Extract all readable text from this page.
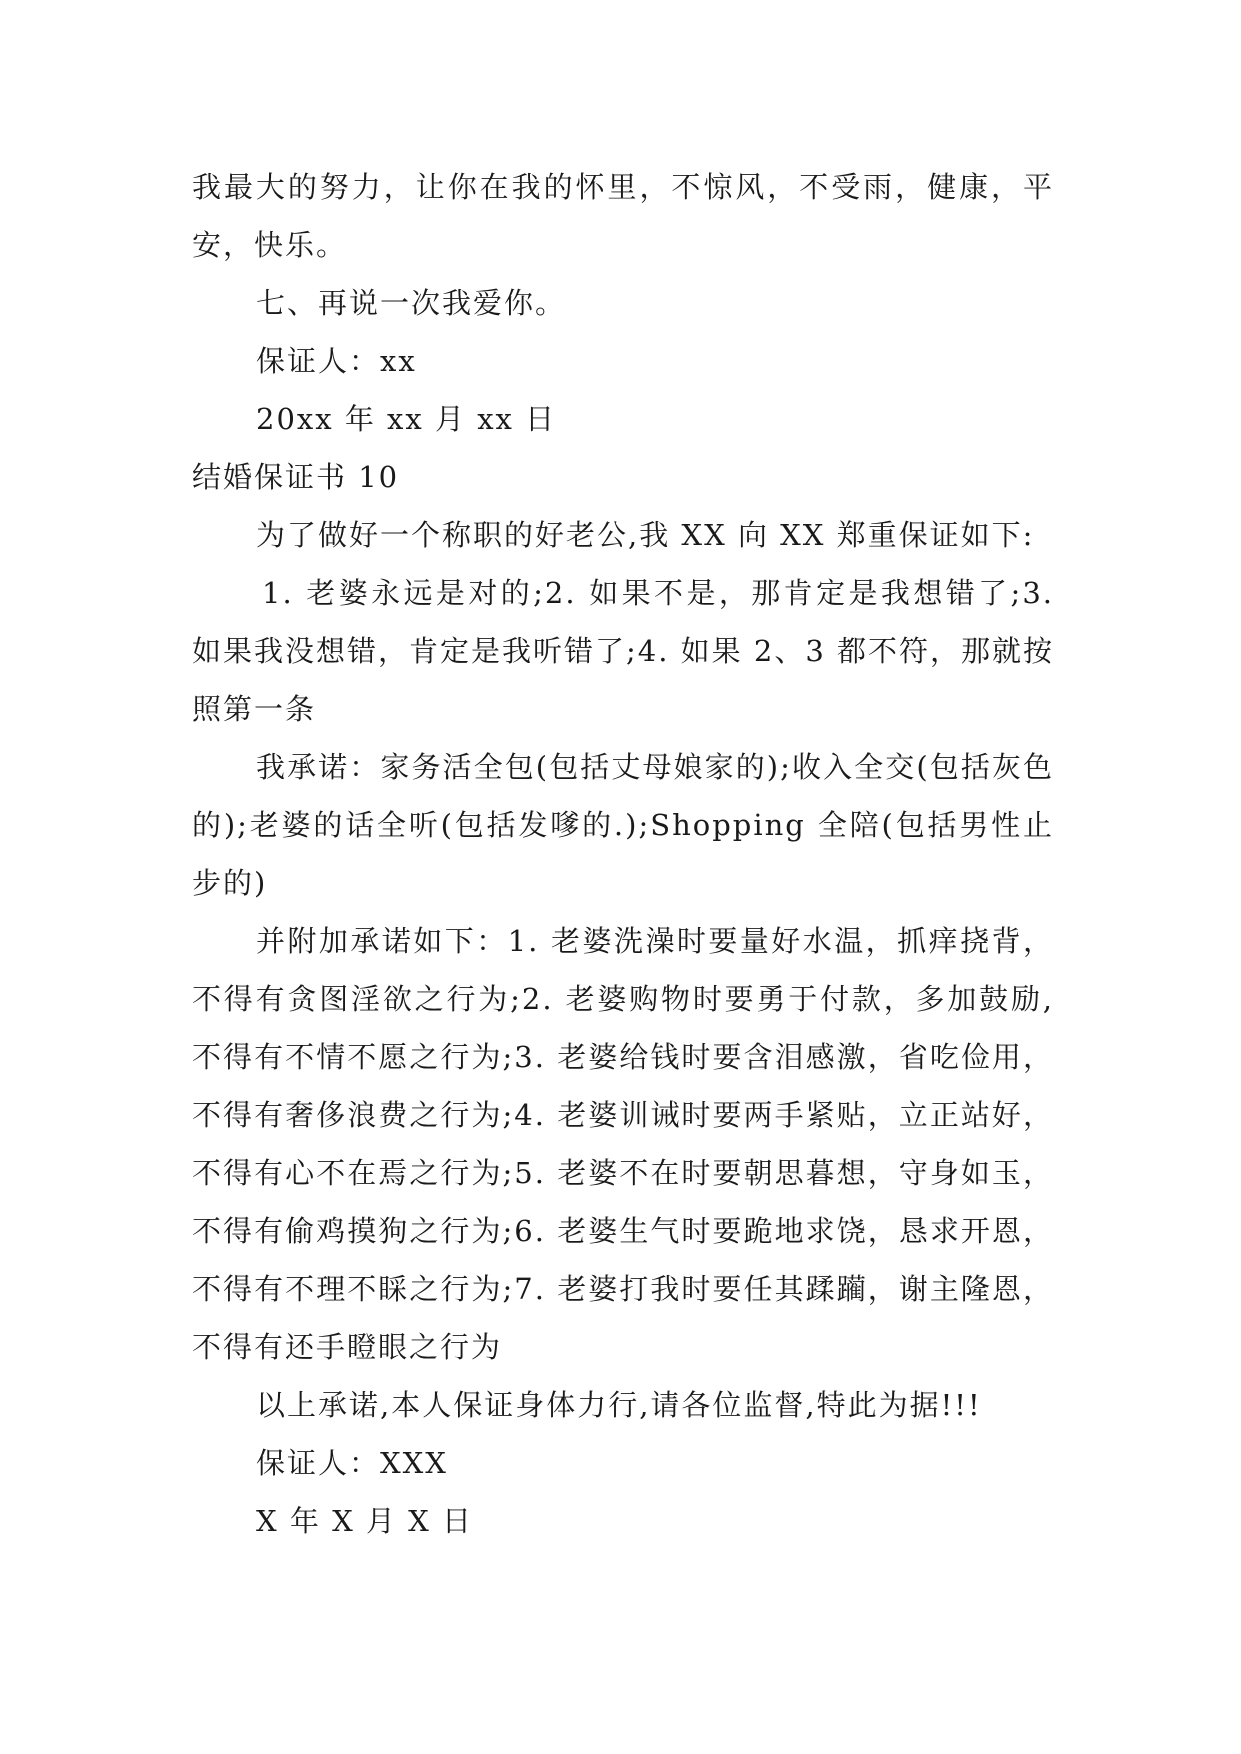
我最大的努力，让你在我的怀里，不惊风，不受雨，健康，平安，快乐。

七、再说一次我爱你。

保证人：xx

20xx 年 xx 月 xx 日

结婚保证书 10

为了做好一个称职的好老公,我 XX 向 XX 郑重保证如下:

1. 老婆永远是对的;2. 如果不是，那肯定是我想错了;3. 如果我没想错，肯定是我听错了;4. 如果 2、3 都不符，那就按照第一条

我承诺：家务活全包(包括丈母娘家的);收入全交(包括灰色的);老婆的话全听(包括发嗲的.);Shopping 全陪(包括男性止步的)

并附加承诺如下：1. 老婆洗澡时要量好水温，抓痒挠背，不得有贪图淫欲之行为;2. 老婆购物时要勇于付款，多加鼓励,不得有不情不愿之行为;3. 老婆给钱时要含泪感激，省吃俭用，不得有奢侈浪费之行为;4. 老婆训诫时要两手紧贴，立正站好，不得有心不在焉之行为;5. 老婆不在时要朝思暮想，守身如玉，不得有偷鸡摸狗之行为;6. 老婆生气时要跪地求饶，恳求开恩，不得有不理不睬之行为;7. 老婆打我时要任其蹂躏，谢主隆恩，不得有还手瞪眼之行为

以上承诺,本人保证身体力行,请各位监督,特此为据!!!

保证人：XXX

X 年 X 月 X 日
